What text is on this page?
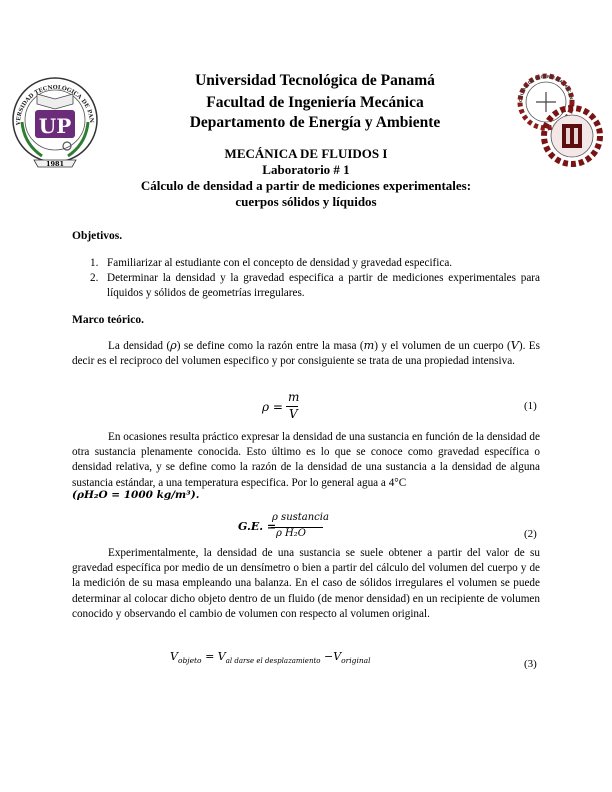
UP
1981
VERSIDAD TECNOLÓGICA DE PAN
CULTAD DE INGENIERÍA MECÁNI
Universidad Tecnológica de Panamá
Facultad de Ingeniería Mecánica
Departamento de Energía y Ambiente
MECÁNICA DE FLUIDOS I
Laboratorio # 1
Cálculo de densidad a partir de mediciones experimentales:
cuerpos sólidos y líquidos
Objetivos.
1. Familiarizar al estudiante con el concepto de densidad y gravedad especifica.
2. Determinar la densidad y la gravedad especifica a partir de mediciones experimentales para líquidos y sólidos de geometrías irregulares.
Marco teórico.
La densidad (ρ) se define como la razón entre la masa (m) y el volumen de un cuerpo (V). Es decir es el reciproco del volumen especifico y por consiguiente se trata de una propiedad intensiva.
ρ =
m
V
(1)
En ocasiones resulta práctico expresar la densidad de una sustancia en función de la densidad de otra sustancia plenamente conocida. Esto último es lo que se conoce como gravedad específica o densidad relativa, y se define como la razón de la densidad de una sustancia a la densidad de alguna sustancia estándar, a una temperatura especifica. Por lo general agua a 4°C
(ρH₂O = 1000 kg/m³).
G.E. =
ρ sustancia
ρ H₂O	(2)
Experimentalmente, la densidad de una sustancia se suele obtener a partir del valor de su gravedad específica por medio de un densímetro o bien a partir del cálculo del volumen del cuerpo y de la medición de su masa empleando una balanza. En el caso de sólidos irregulares el volumen se puede determinar al colocar dicho objeto dentro de un fluido (de menor densidad) en un recipiente de volumen conocido y observando el cambio de volumen con respecto al volumen original.
$V_{objeto} = V_{al darse el desplazamiento} -V_{original}$	(3)
